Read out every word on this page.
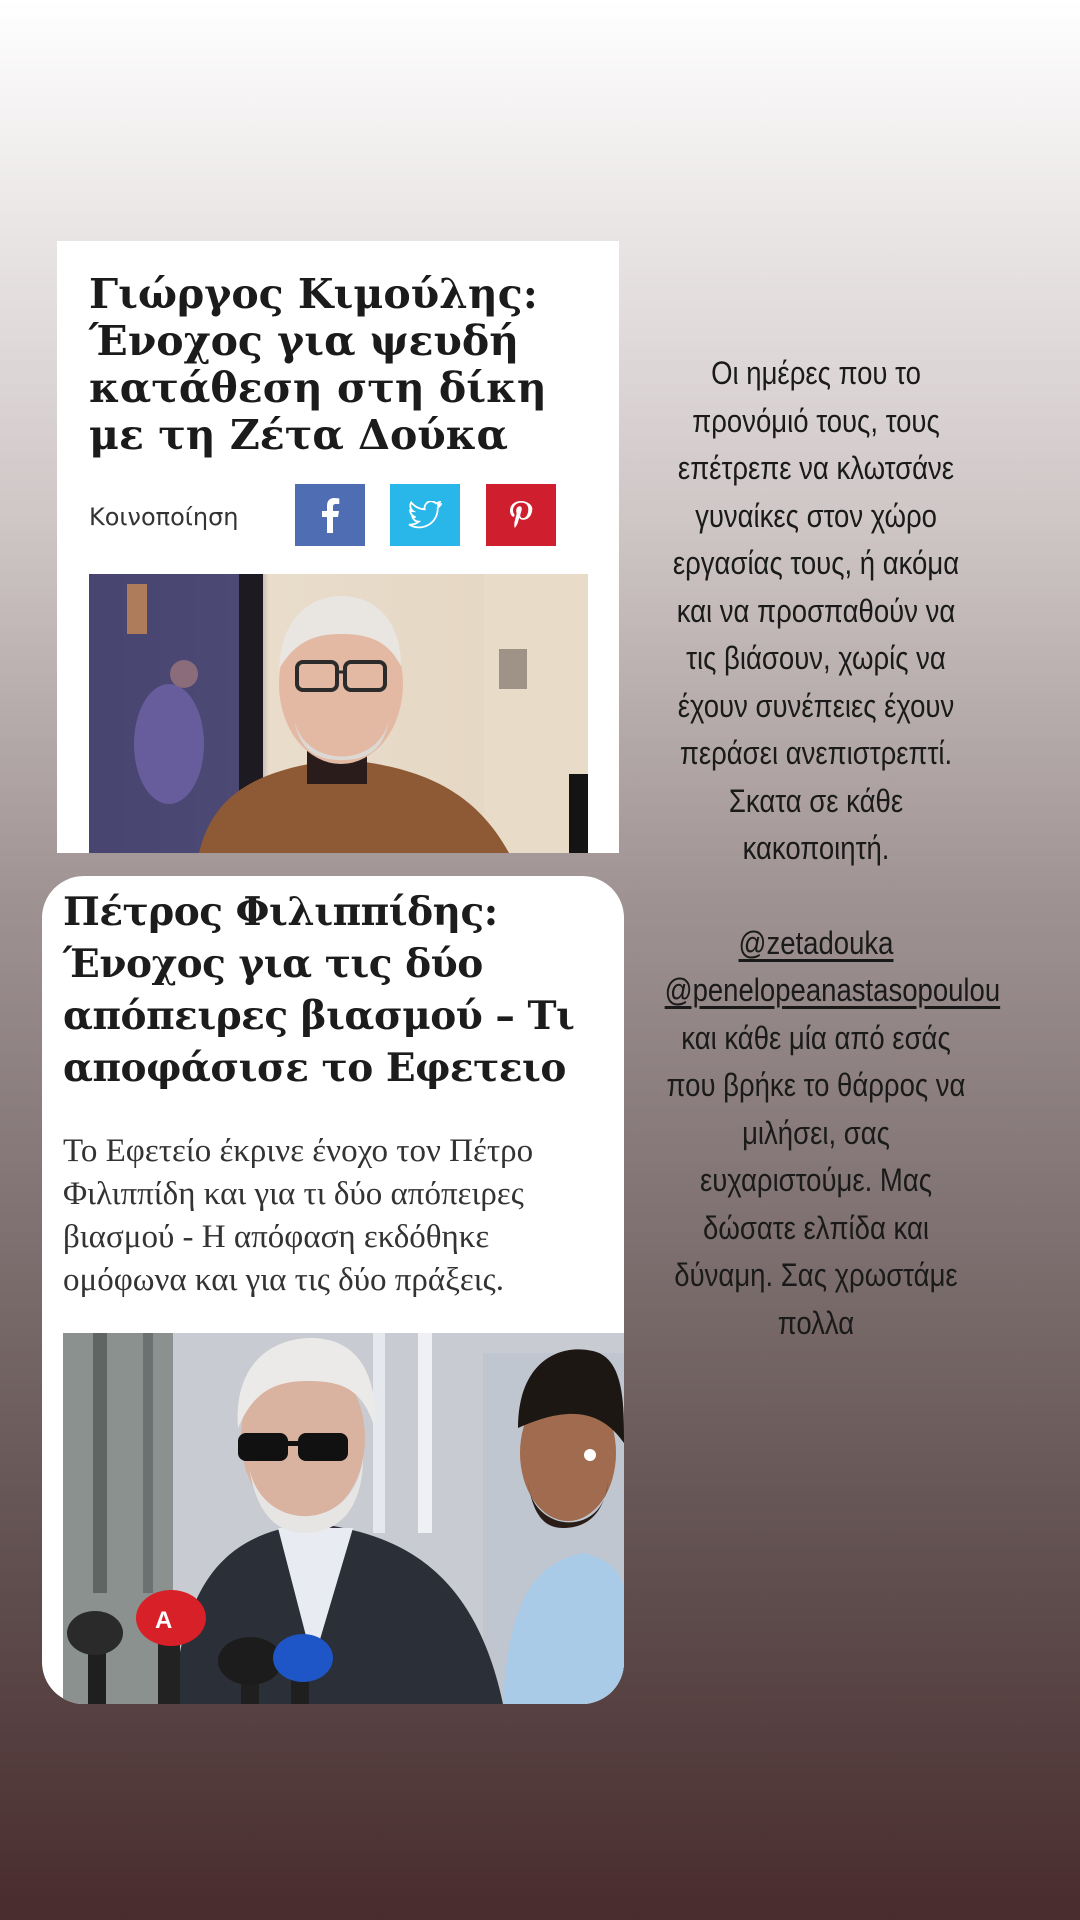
Γιώργος Κιμούλης: Ένοχος για ψευδή κατάθεση στη δίκη με τη Ζέτα Δούκα
Κοινοποίηση
Πέτρος Φιλιππίδης: Ένοχος για τις δύο απόπειρες βιασμού – Τι αποφάσισε το Εφετειο

Το Εφετείο έκρινε ένοχο τον Πέτρο Φιλιππίδη και για τι δύο απόπειρες βιασμού - Η απόφαση εκδόθηκε ομόφωνα και για τις δύο πράξεις.

A

Οι ημέρες που το προνόμιό τους, τους επέτρεπε να κλωτσάνε γυναίκες στον χώρο εργασίας τους, ή ακόμα και να προσπαθούν να τις βιάσουν, χωρίς να έχουν συνέπειες έχουν περάσει ανεπιστρεπτί. Σκατα σε κάθε κακοποιητή.

@zetadouka @penelopeanastasopoulou και κάθε μία από εσάς που βρήκε το θάρρος να μιλήσει, σας ευχαριστούμε. Μας δώσατε ελπίδα και δύναμη. Σας χρωστάμε πολλα
